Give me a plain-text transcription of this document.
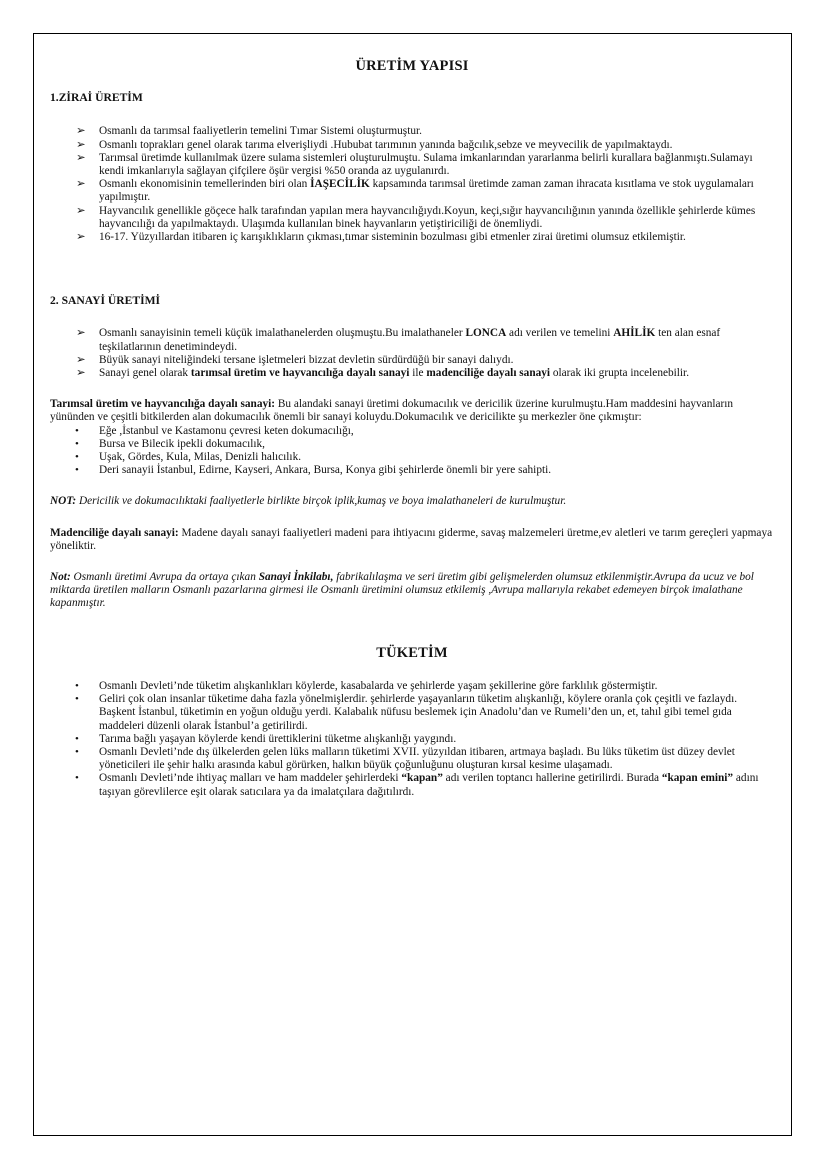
ÜRETİM YAPISI
1.ZİRAİ ÜRETİM
➢ Osmanlı da tarımsal faaliyetlerin temelini Tımar Sistemi oluşturmuştur.
➢ Osmanlı toprakları genel olarak tarıma elverişliydi .Hububat tarımının yanında bağcılık,sebze ve meyvecilik de yapılmaktaydı.
➢ Tarımsal üretimde kullanılmak üzere sulama sistemleri oluşturulmuştu. Sulama imkanlarından yararlanma belirli kurallara bağlanmıştı.Sulamayı kendi imkanlarıyla sağlayan çifçilere öşür vergisi %50 oranda az uygulanırdı.
➢ Osmanlı ekonomisinin temellerinden biri olan İAŞECİLİK kapsamında tarımsal üretimde zaman zaman ihracata kısıtlama ve stok uygulamaları yapılmıştır.
➢ Hayvancılık genellikle göçece halk tarafından yapılan mera hayvancılığıydı.Koyun, keçi,sığır hayvancılığının yanında özellikle şehirlerde kümes hayvancılığı da yapılmaktaydı. Ulaşımda kullanılan binek hayvanların yetiştiriciliği de önemliydi.
➢ 16-17. Yüzyıllardan itibaren iç karışıklıkların çıkması,tımar sisteminin bozulması gibi etmenler zirai üretimi olumsuz etkilemiştir.
2. SANAYİ ÜRETİMİ
➢ Osmanlı sanayisinin temeli küçük imalathanelerden oluşmuştu.Bu imalathaneler LONCA adı verilen ve temelini AHİLİK ten alan esnaf teşkilatlarının denetimindeydi.
➢ Büyük sanayi niteliğindeki tersane işletmeleri bizzat devletin sürdürdüğü bir sanayi dalıydı.
➢ Sanayi genel olarak tarımsal üretim ve hayvancılığa dayalı sanayi ile madenciliğe dayalı sanayi olarak iki grupta incelenebilir.

Tarımsal üretim ve hayvancılığa dayalı sanayi: Bu alandaki sanayi üretimi dokumacılık ve dericilik üzerine kurulmuştu.Ham maddesini hayvanların yününden ve çeşitli bitkilerden alan dokumacılık önemli bir sanayi koluydu.Dokumacılık ve dericilikte şu merkezler öne çıkmıştır:

• Eğe ,İstanbul ve Kastamonu çevresi keten dokumacılığı,
• Bursa ve Bilecik ipekli dokumacılık,
• Uşak, Gördes, Kula, Milas, Denizli halıcılık.
• Deri sanayii İstanbul, Edirne, Kayseri, Ankara, Bursa, Konya gibi şehirlerde önemli bir yere sahipti.

NOT: Dericilik ve dokumacılıktaki faaliyetlerle birlikte birçok iplik,kumaş ve boya imalathaneleri de kurulmuştur.

Madenciliğe dayalı sanayi: Madene dayalı sanayi faaliyetleri madeni para ihtiyacını giderme, savaş malzemeleri üretme,ev aletleri ve tarım gereçleri yapmaya yöneliktir.

Not: Osmanlı üretimi Avrupa da ortaya çıkan Sanayi İnkilabı, fabrikalılaşma ve seri üretim gibi gelişmelerden olumsuz etkilenmiştir.Avrupa da ucuz ve bol miktarda üretilen malların Osmanlı pazarlarına girmesi ile Osmanlı üretimini olumsuz etkilemiş ,Avrupa mallarıyla rekabet edemeyen birçok imalathane kapanmıştır.

TÜKETİM
• Osmanlı Devleti’nde tüketim alışkanlıkları köylerde, kasabalarda ve şehirlerde yaşam şekillerine göre farklılık göstermiştir.
• Geliri çok olan insanlar tüketime daha fazla yönelmişlerdir. şehirlerde yaşayanların tüketim alışkanlığı, köylere oranla çok çeşitli ve fazlaydı. Başkent İstanbul, tüketimin en yoğun olduğu yerdi. Kalabalık nüfusu beslemek için Anadolu’dan ve Rumeli’den un, et, tahıl gibi temel gıda maddeleri düzenli olarak İstanbul’a getirilirdi.
• Tarıma bağlı yaşayan köylerde kendi ürettiklerini tüketme alışkanlığı yaygındı.
• Osmanlı Devleti’nde dış ülkelerden gelen lüks malların tüketimi XVII. yüzyıldan itibaren, artmaya başladı. Bu lüks tüketim üst düzey devlet yöneticileri ile şehir halkı arasında kabul görürken, halkın büyük çoğunluğunu oluşturan kırsal kesime ulaşamadı.
• Osmanlı Devleti’nde ihtiyaç malları ve ham maddeler şehirlerdeki “kapan” adı verilen toptancı hallerine getirilirdi. Burada “kapan emini” adını taşıyan görevlilerce eşit olarak satıcılara ya da imalatçılara dağıtılırdı.
